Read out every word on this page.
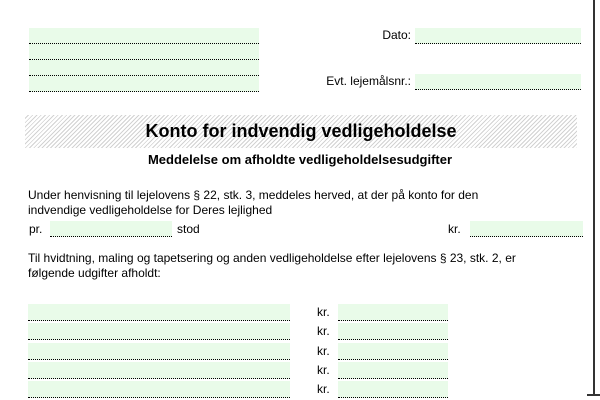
Dato:
Evt. lejemålsnr.:
Konto for indvendig vedligeholdelse
Meddelelse om afholdte vedligeholdelsesudgifter
Under henvisning til lejelovens § 22, stk. 3, meddeles herved, at der på konto for den
indvendige vedligeholdelse for Deres lejlighed
pr.	stod	kr.
Til hvidtning, maling og tapetsering og anden vedligeholdelse efter lejelovens § 23, stk. 2, er
følgende udgifter afholdt:
kr.
kr.
kr.
kr.
kr.
